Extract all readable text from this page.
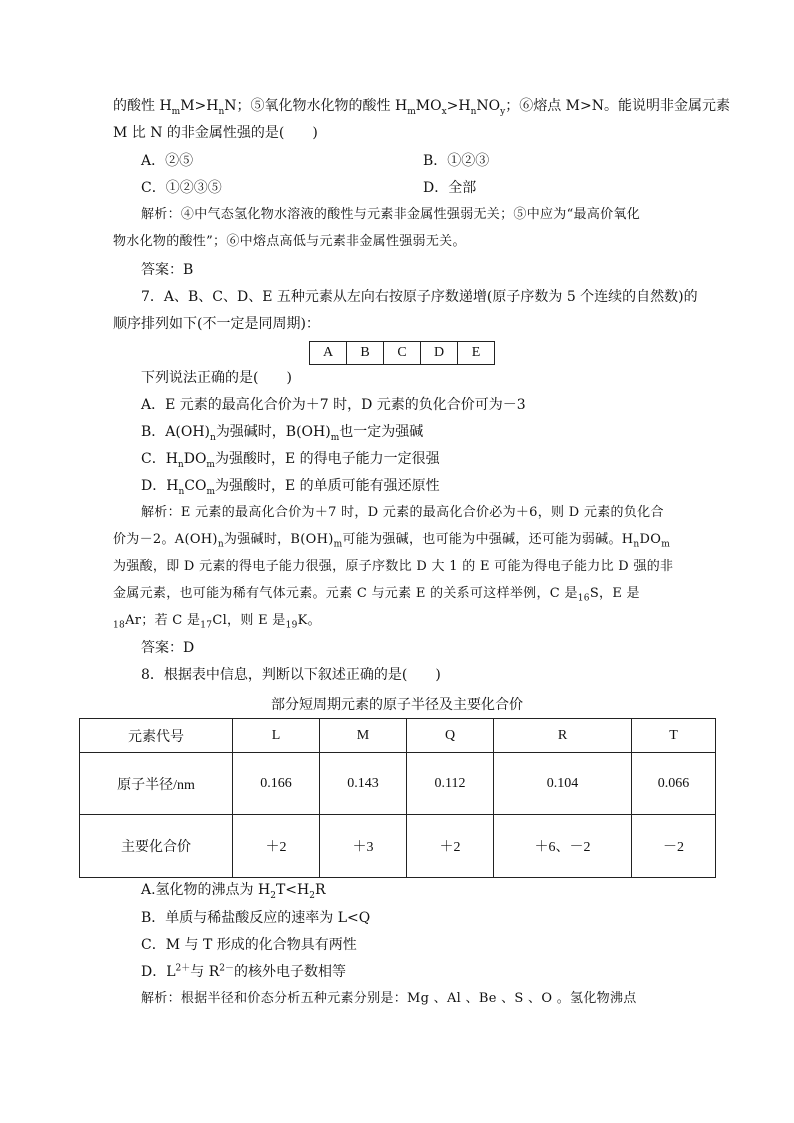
的酸性 $H_mM>H_nN$；⑤氧化物水化物的酸性 $H_mMO_x>H_nNO_y$；⑥熔点 M>N。能说明非金属元素
M 比 N 的非金属性强的是(　　)
A．②⑤	B．①②③
C．①②③⑤	D．全部
解析：④中气态氢化物水溶液的酸性与元素非金属性强弱无关；⑤中应为“最高价氧化
物水化物的酸性”；⑥中熔点高低与元素非金属性强弱无关。
答案：B
7．A、B、C、D、E 五种元素从左向右按原子序数递增(原子序数为 5 个连续的自然数)的
顺序排列如下(不一定是同周期)：
A	B	C	D	E
下列说法正确的是(　　)
A．E 元素的最高化合价为＋7 时，D 元素的负化合价可为－3
B．$A(OH)_n$为强碱时，$B(OH)_m$也一定为强碱
C．$H_nDO_m$为强酸时，E 的得电子能力一定很强
D．$H_nCO_m$为强酸时，E 的单质可能有强还原性
解析：E 元素的最高化合价为＋7 时，D 元素的最高化合价必为＋6，则 D 元素的负化合
价为－2。$A(OH)_n$为强碱时，$B(OH)_m$可能为强碱，也可能为中强碱，还可能为弱碱。$H_nDO_m$
为强酸，即 D 元素的得电子能力很强，原子序数比 D 大 1 的 E 可能为得电子能力比 D 强的非
金属元素，也可能为稀有气体元素。元素 C 与元素 E 的关系可这样举例，C 是$_{16}$S，E 是
$_{18}$Ar；若 C 是$_{17}$Cl，则 E 是$_{19}$K。
答案：D
8．根据表中信息，判断以下叙述正确的是(　　)
部分短周期元素的原子半径及主要化合价
元素代号	L	M	Q	R	T
原子半径/nm	0.166	0.143	0.112	0.104	0.066
主要化合价	＋2	＋3	＋2	＋6、－2	－2
A.氢化物的沸点为 $H_2T<H_2R$
B．单质与稀盐酸反应的速率为 L<Q
C．M 与 T 形成的化合物具有两性
D．$L^{2+}$与 $R^{2-}$的核外电子数相等
解析：根据半径和价态分析五种元素分别是：Mg 、Al 、Be 、S 、O 。氢化物沸点
